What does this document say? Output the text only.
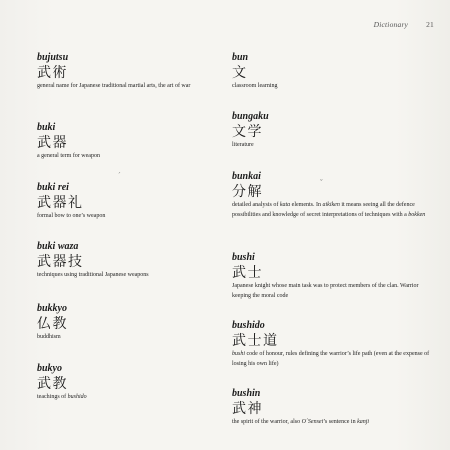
Dictionary 21
bujutsu
武術
general name for Japanese traditional martial arts, the art of war
buki
武器
a general term for weapon
buki rei
武器礼
formal bow to one’s weapon
buki waza
武器技
techniques using traditional Japanese weapons
bukkyo
仏教
buddhism
bukyo
武教
teachings of bushido
bun
文
classroom learning
bungaku
文学
literature
bunkai
分解
detailed analysis of kata elements. In aikiken it means seeing all the defence possibilities and knowledge of secret interpretations of techniques with a bokken
bushi
武士
Japanese knight whose main task was to protect members of the clan. Warrior keeping the moral code
bushido
武士道
bushi code of honour, rules defining the warrior’s life path (even at the expense of losing his own life)
bushin
武神
the spirit of the warrior, also O´Sensei’s sentence in kanji
ˊ
ˇ
